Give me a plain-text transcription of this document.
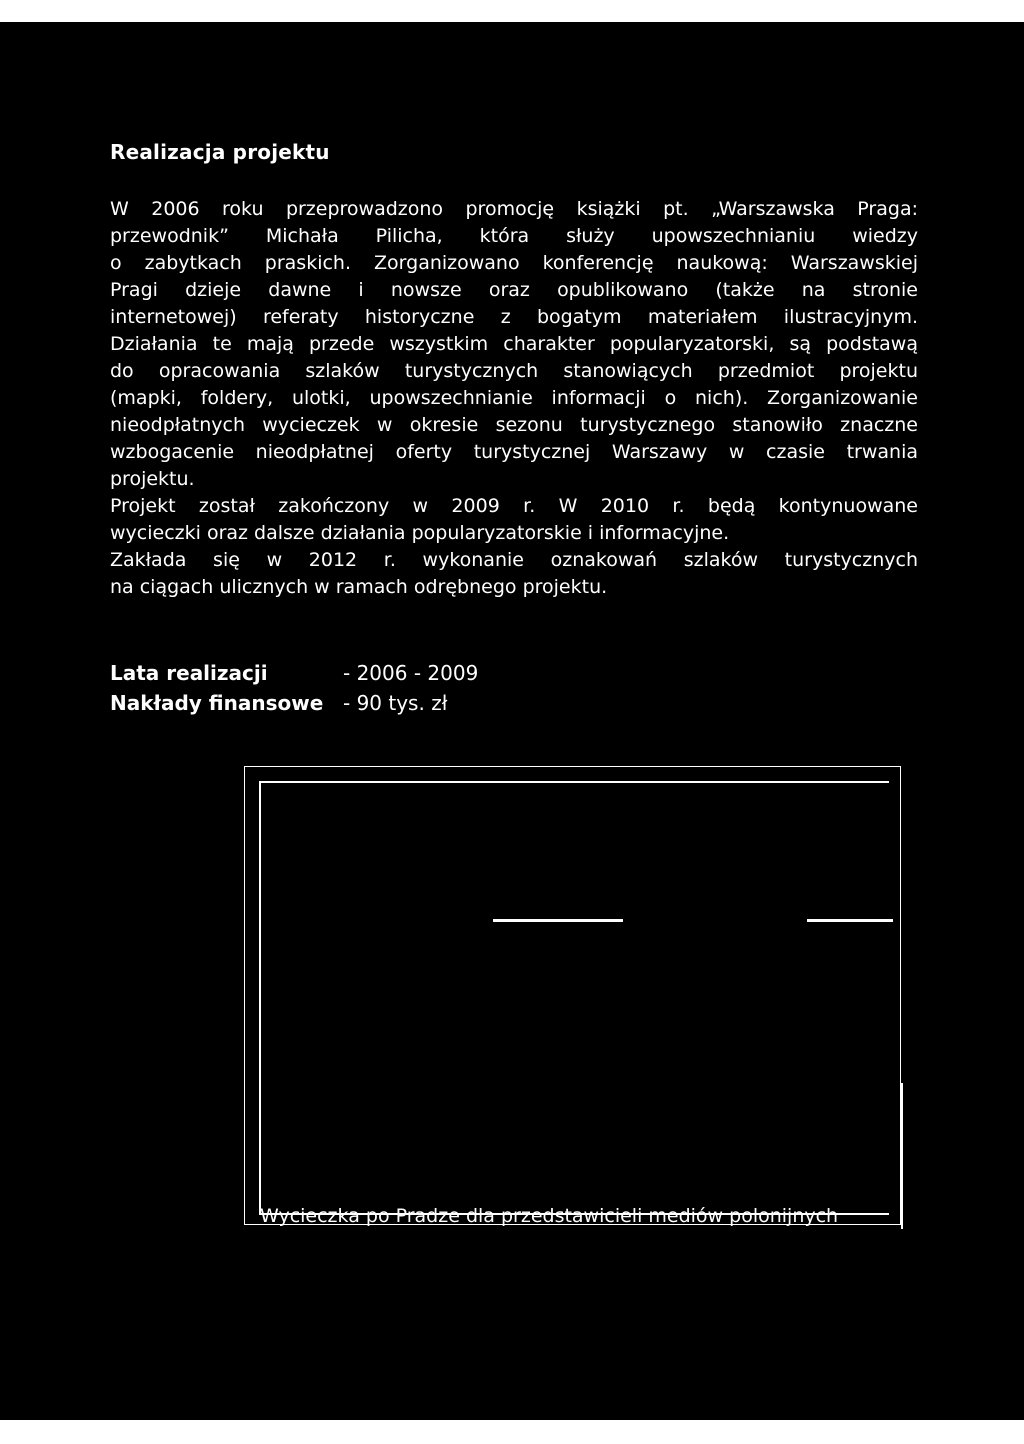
Realizacja projektu
W 2006 roku przeprowadzono promocję książki pt. „Warszawska Praga:
przewodnik” Michała Pilicha, która służy upowszechnianiu wiedzy
o zabytkach praskich. Zorganizowano konferencję naukową: Warszawskiej
Pragi dzieje dawne i nowsze oraz opublikowano (także na stronie
internetowej) referaty historyczne z bogatym materiałem ilustracyjnym.
Działania te mają przede wszystkim charakter popularyzatorski, są podstawą
do opracowania szlaków turystycznych stanowiących przedmiot projektu
(mapki, foldery, ulotki, upowszechnianie informacji o nich). Zorganizowanie
nieodpłatnych wycieczek w okresie sezonu turystycznego stanowiło znaczne
wzbogacenie nieodpłatnej oferty turystycznej Warszawy w czasie trwania
projektu.
Projekt został zakończony w 2009 r. W 2010 r. będą kontynuowane
wycieczki oraz dalsze działania popularyzatorskie i informacyjne.
Zakłada się w 2012 r. wykonanie oznakowań szlaków turystycznych
na ciągach ulicznych w ramach odrębnego projektu.
Lata realizacji	- 2006 - 2009
Nakłady finansowe - 90 tys. zł
Wycieczka po Pradze dla przedstawicieli mediów polonijnych
